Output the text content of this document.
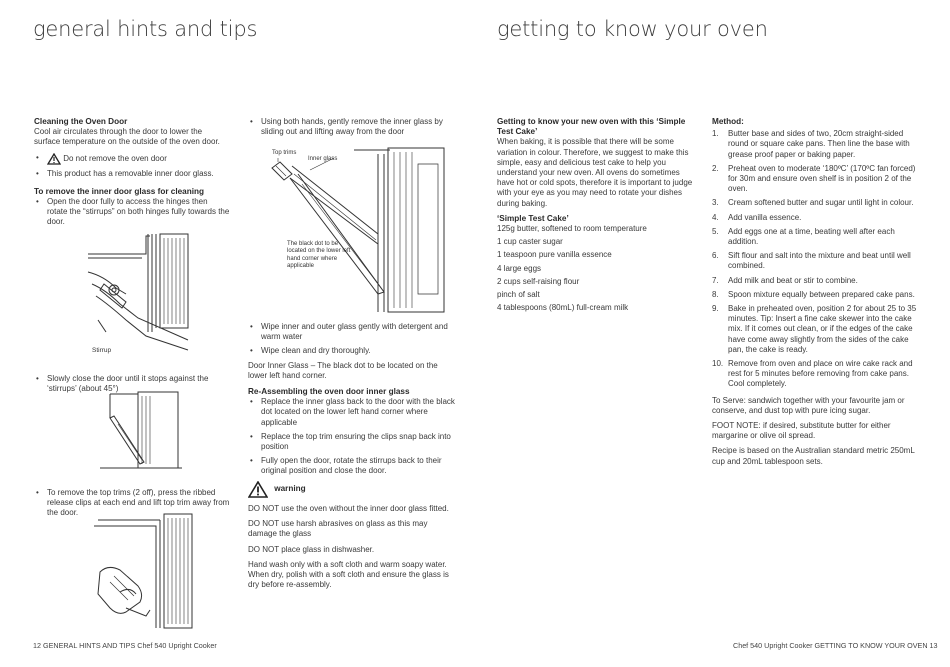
general hints and tips
Cleaning the Oven Door

Cool air circulates through the door to lower the surface temperature on the outside of the oven door.

• Do not remove the oven door
• This product has a removable inner door glass.
To remove the inner door glass for cleaning
• Open the door fully to access the hinges then rotate the “stirrups” on both hinges fully towards the door.
Stirrup
• Slowly close the door until it stops against the ‘stirrups’ (about 45°)
• To remove the top trims (2 off), press the ribbed release clips at each end and lift top trim away from the door.
• Using both hands, gently remove the inner glass by sliding out and lifting away from the door
Top trims
Inner glass
The black dot to be located on the lower left hand corner where applicable
• Wipe inner and outer glass gently with detergent and warm water
• Wipe clean and dry thoroughly.

Door Inner Glass – The black dot to be located on the lower left hand corner.

Re-Assembling the oven door inner glass
• Replace the inner glass back to the door with the black dot located on the lower left hand corner where applicable
• Replace the top trim ensuring the clips snap back into position
• Fully open the door, rotate the stirrups back to their original position and close the door.
warning

DO NOT use the oven without the inner door glass fitted.

DO NOT use harsh abrasives on glass as this may damage the glass

DO NOT place glass in dishwasher.

Hand wash only with a soft cloth and warm soapy water. When dry, polish with a soft cloth and ensure the glass is dry before re-assembly.

12 GENERAL HINTS AND TIPS Chef 540 Upright Cooker
getting to know your oven
Getting to know your new oven with this ‘Simple Test Cake’

When baking, it is possible that there will be some variation in colour. Therefore, we suggest to make this simple, easy and delicious test cake to help you understand your new oven. All ovens do sometimes have hot or cold spots, therefore it is important to judge with your eye as you may need to rotate your dishes during baking.

‘Simple Test Cake’
125g butter, softened to room temperature
1 cup caster sugar
1 teaspoon pure vanilla essence
4 large eggs
2 cups self-raising flour
pinch of salt
4 tablespoons (80mL) full-cream milk
Method:
1. Butter base and sides of two, 20cm straight-sided round or square cake pans. Then line the base with grease proof paper or baking paper.
2. Preheat oven to moderate ‘180ºC’ (170ºC fan forced) for 30m and ensure oven shelf is in position 2 of the oven.
3. Cream softened butter and sugar until light in colour.
4. Add vanilla essence.
5. Add eggs one at a time, beating well after each addition.
6. Sift flour and salt into the mixture and beat until well combined.
7. Add milk and beat or stir to combine.
8. Spoon mixture equally between prepared cake pans.
9. Bake in preheated oven, position 2 for about 25 to 35 minutes. Tip: Insert a fine cake skewer into the cake mix. If it comes out clean, or if the edges of the cake have come away slightly from the sides of the cake pan, the cake is ready.
10. Remove from oven and place on wire cake rack and rest for 5 minutes before removing from cake pans. Cool completely.

To Serve: sandwich together with your favourite jam or conserve, and dust top with pure icing sugar.

FOOT NOTE: if desired, substitute butter for either margarine or olive oil spread.

Recipe is based on the Australian standard metric 250mL cup and 20mL tablespoon sets.

Chef 540 Upright Cooker GETTING TO KNOW YOUR OVEN 13
